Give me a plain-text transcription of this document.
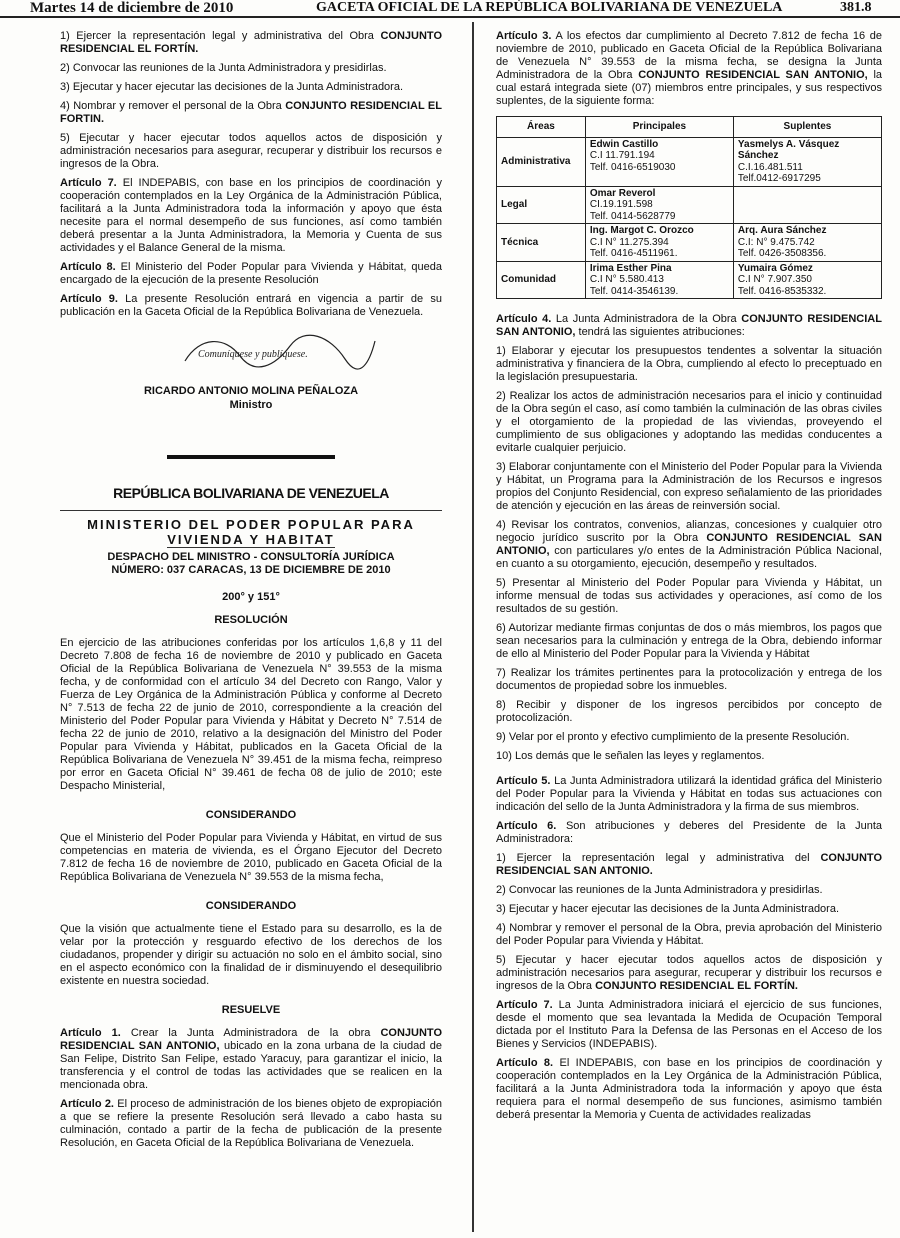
Martes 14 de diciembre de 2010	GACETA OFICIAL DE LA REPÚBLICA BOLIVARIANA DE VENEZUELA	381.8

1) Ejercer la representación legal y administrativa del Obra CONJUNTO RESIDENCIAL EL FORTÍN.

2) Convocar las reuniones de la Junta Administradora y presidirlas.

3) Ejecutar y hacer ejecutar las decisiones de la Junta Administradora.

4) Nombrar y remover el personal de la Obra CONJUNTO RESIDENCIAL EL FORTIN.

5) Ejecutar y hacer ejecutar todos aquellos actos de disposición y administración necesarios para asegurar, recuperar y distribuir los recursos e ingresos de la Obra.

Artículo 7. El INDEPABIS, con base en los principios de coordinación y cooperación contemplados en la Ley Orgánica de la Administración Pública, facilitará a la Junta Administradora toda la información y apoyo que ésta necesite para el normal desempeño de sus funciones, así como también deberá presentar a la Junta Administradora, la Memoria y Cuenta de sus actividades y el Balance General de la misma.

Artículo 8. El Ministerio del Poder Popular para Vivienda y Hábitat, queda encargado de la ejecución de la presente Resolución

Artículo 9. La presente Resolución entrará en vigencia a partir de su publicación en la Gaceta Oficial de la República Bolivariana de Venezuela.

Comuníquese y publíquese.
RICARDO ANTONIO MOLINA PEÑALOZA
Ministro
REPÚBLICA BOLIVARIANA DE VENEZUELA
MINISTERIO DEL PODER POPULAR PARA
VIVIENDA Y HABITAT
DESPACHO DEL MINISTRO - CONSULTORÍA JURÍDICA
NÚMERO: 037 CARACAS, 13 DE DICIEMBRE DE 2010
200° y 151°
RESOLUCIÓN

En ejercicio de las atribuciones conferidas por los artículos 1,6,8 y 11 del Decreto 7.808 de fecha 16 de noviembre de 2010 y publicado en Gaceta Oficial de la República Bolivariana de Venezuela N° 39.553 de la misma fecha, y de conformidad con el artículo 34 del Decreto con Rango, Valor y Fuerza de Ley Orgánica de la Administración Pública y conforme al Decreto N° 7.513 de fecha 22 de junio de 2010, correspondiente a la creación del Ministerio del Poder Popular para Vivienda y Hábitat y Decreto N° 7.514 de fecha 22 de junio de 2010, relativo a la designación del Ministro del Poder Popular para Vivienda y Hábitat, publicados en la Gaceta Oficial de la República Bolivariana de Venezuela N° 39.451 de la misma fecha, reimpreso por error en Gaceta Oficial N° 39.461 de fecha 08 de julio de 2010; este Despacho Ministerial,

CONSIDERANDO

Que el Ministerio del Poder Popular para Vivienda y Hábitat, en virtud de sus competencias en materia de vivienda, es el Órgano Ejecutor del Decreto 7.812 de fecha 16 de noviembre de 2010, publicado en Gaceta Oficial de la República Bolivariana de Venezuela N° 39.553 de la misma fecha,

CONSIDERANDO

Que la visión que actualmente tiene el Estado para su desarrollo, es la de velar por la protección y resguardo efectivo de los derechos de los ciudadanos, propender y dirigir su actuación no solo en el ámbito social, sino en el aspecto económico con la finalidad de ir disminuyendo el desequilibrio existente en nuestra sociedad.

RESUELVE

Artículo 1. Crear la Junta Administradora de la obra CONJUNTO RESIDENCIAL SAN ANTONIO, ubicado en la zona urbana de la ciudad de San Felipe, Distrito San Felipe, estado Yaracuy, para garantizar el inicio, la transferencia y el control de todas las actividades que se realicen en la mencionada obra.

Artículo 2. El proceso de administración de los bienes objeto de expropiación a que se refiere la presente Resolución será llevado a cabo hasta su culminación, contado a partir de la fecha de publicación de la presente Resolución, en Gaceta Oficial de la República Bolivariana de Venezuela.

Artículo 3. A los efectos dar cumplimiento al Decreto 7.812 de fecha 16 de noviembre de 2010, publicado en Gaceta Oficial de la República Bolivariana de Venezuela N° 39.553 de la misma fecha, se designa la Junta Administradora de la Obra CONJUNTO RESIDENCIAL SAN ANTONIO, la cual estará integrada siete (07) miembros entre principales, y sus respectivos suplentes, de la siguiente forma:

Áreas	Principales	Suplentes
Administrativa	Edwin Castillo
C.I 11.791.194
Telf. 0416-6519030	Yasmelys A. Vásquez Sánchez
C.I.16.481.511
Telf.0412-6917295
Legal	Omar Reverol
CI.19.191.598
Telf. 0414-5628779	
Técnica	Ing. Margot C. Orozco
C.I N° 11.275.394
Telf. 0416-4511961.	Arq. Aura Sánchez
C.I: N° 9.475.742
Telf. 0426-3508356.
Comunidad	Irima Esther Pina
C.I N° 5.580.413
Telf. 0414-3546139.	Yumaira Gómez
C.I N° 7.907.350
Telf. 0416-8535332.

Artículo 4. La Junta Administradora de la Obra CONJUNTO RESIDENCIAL SAN ANTONIO, tendrá las siguientes atribuciones:

1) Elaborar y ejecutar los presupuestos tendentes a solventar la situación administrativa y financiera de la Obra, cumpliendo al efecto lo preceptuado en la legislación presupuestaria.

2) Realizar los actos de administración necesarios para el inicio y continuidad de la Obra según el caso, así como también la culminación de las obras civiles y el otorgamiento de la propiedad de las viviendas, proveyendo el cumplimiento de sus obligaciones y adoptando las medidas conducentes a evitarle cualquier perjuicio.

3) Elaborar conjuntamente con el Ministerio del Poder Popular para la Vivienda y Hábitat, un Programa para la Administración de los Recursos e ingresos propios del Conjunto Residencial, con expreso señalamiento de las prioridades de atención y ejecución en las áreas de reinversión social.

4) Revisar los contratos, convenios, alianzas, concesiones y cualquier otro negocio jurídico suscrito por la Obra CONJUNTO RESIDENCIAL SAN ANTONIO, con particulares y/o entes de la Administración Pública Nacional, en cuanto a su otorgamiento, ejecución, desempeño y resultados.

5) Presentar al Ministerio del Poder Popular para Vivienda y Hábitat, un informe mensual de todas sus actividades y operaciones, así como de los resultados de su gestión.

6) Autorizar mediante firmas conjuntas de dos o más miembros, los pagos que sean necesarios para la culminación y entrega de la Obra, debiendo informar de ello al Ministerio del Poder Popular para la Vivienda y Hábitat

7) Realizar los trámites pertinentes para la protocolización y entrega de los documentos de propiedad sobre los inmuebles.

8) Recibir y disponer de los ingresos percibidos por concepto de protocolización.

9) Velar por el pronto y efectivo cumplimiento de la presente Resolución.

10) Los demás que le señalen las leyes y reglamentos.

Artículo 5. La Junta Administradora utilizará la identidad gráfica del Ministerio del Poder Popular para la Vivienda y Hábitat en todas sus actuaciones con indicación del sello de la Junta Administradora y la firma de sus miembros.

Artículo 6. Son atribuciones y deberes del Presidente de la Junta Administradora:

1) Ejercer la representación legal y administrativa del CONJUNTO RESIDENCIAL SAN ANTONIO.

2) Convocar las reuniones de la Junta Administradora y presidirlas.

3) Ejecutar y hacer ejecutar las decisiones de la Junta Administradora.

4) Nombrar y remover el personal de la Obra, previa aprobación del Ministerio del Poder Popular para Vivienda y Hábitat.

5) Ejecutar y hacer ejecutar todos aquellos actos de disposición y administración necesarios para asegurar, recuperar y distribuir los recursos e ingresos de la Obra CONJUNTO RESIDENCIAL EL FORTÍN.

Artículo 7. La Junta Administradora iniciará el ejercicio de sus funciones, desde el momento que sea levantada la Medida de Ocupación Temporal dictada por el Instituto Para la Defensa de las Personas en el Acceso de los Bienes y Servicios (INDEPABIS).

Artículo 8. El INDEPABIS, con base en los principios de coordinación y cooperación contemplados en la Ley Orgánica de la Administración Pública, facilitará a la Junta Administradora toda la información y apoyo que ésta requiera para el normal desempeño de sus funciones, asimismo también deberá presentar la Memoria y Cuenta de actividades realizadas
